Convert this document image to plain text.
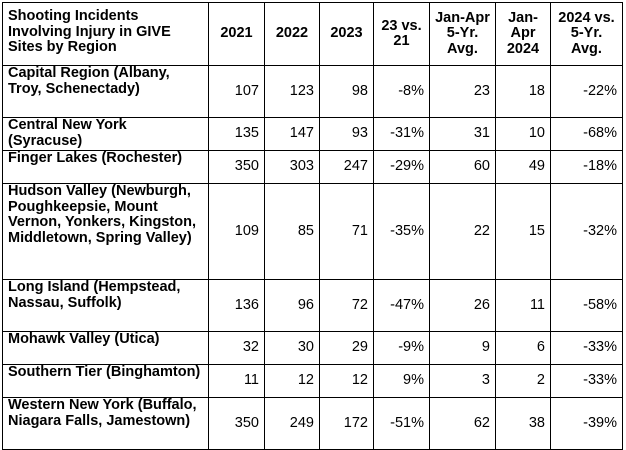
Shooting Incidents Involving Injury in GIVE Sites by Region	2021	2022	2023	23 vs. 21	Jan-Apr 5-Yr. Avg.	Jan-Apr 2024	2024 vs. 5-Yr. Avg.
Capital Region (Albany, Troy, Schenectady)	107	123	98	-8%	23	18	-22%
Central New York (Syracuse)	135	147	93	-31%	31	10	-68%
Finger Lakes (Rochester)	350	303	247	-29%	60	49	-18%
Hudson Valley (Newburgh, Poughkeepsie, Mount Vernon, Yonkers, Kingston, Middletown, Spring Valley)	109	85	71	-35%	22	15	-32%
Long Island (Hempstead, Nassau, Suffolk)	136	96	72	-47%	26	11	-58%
Mohawk Valley (Utica)	32	30	29	-9%	9	6	-33%
Southern Tier (Binghamton)	11	12	12	9%	3	2	-33%
Western New York (Buffalo, Niagara Falls, Jamestown)	350	249	172	-51%	62	38	-39%
